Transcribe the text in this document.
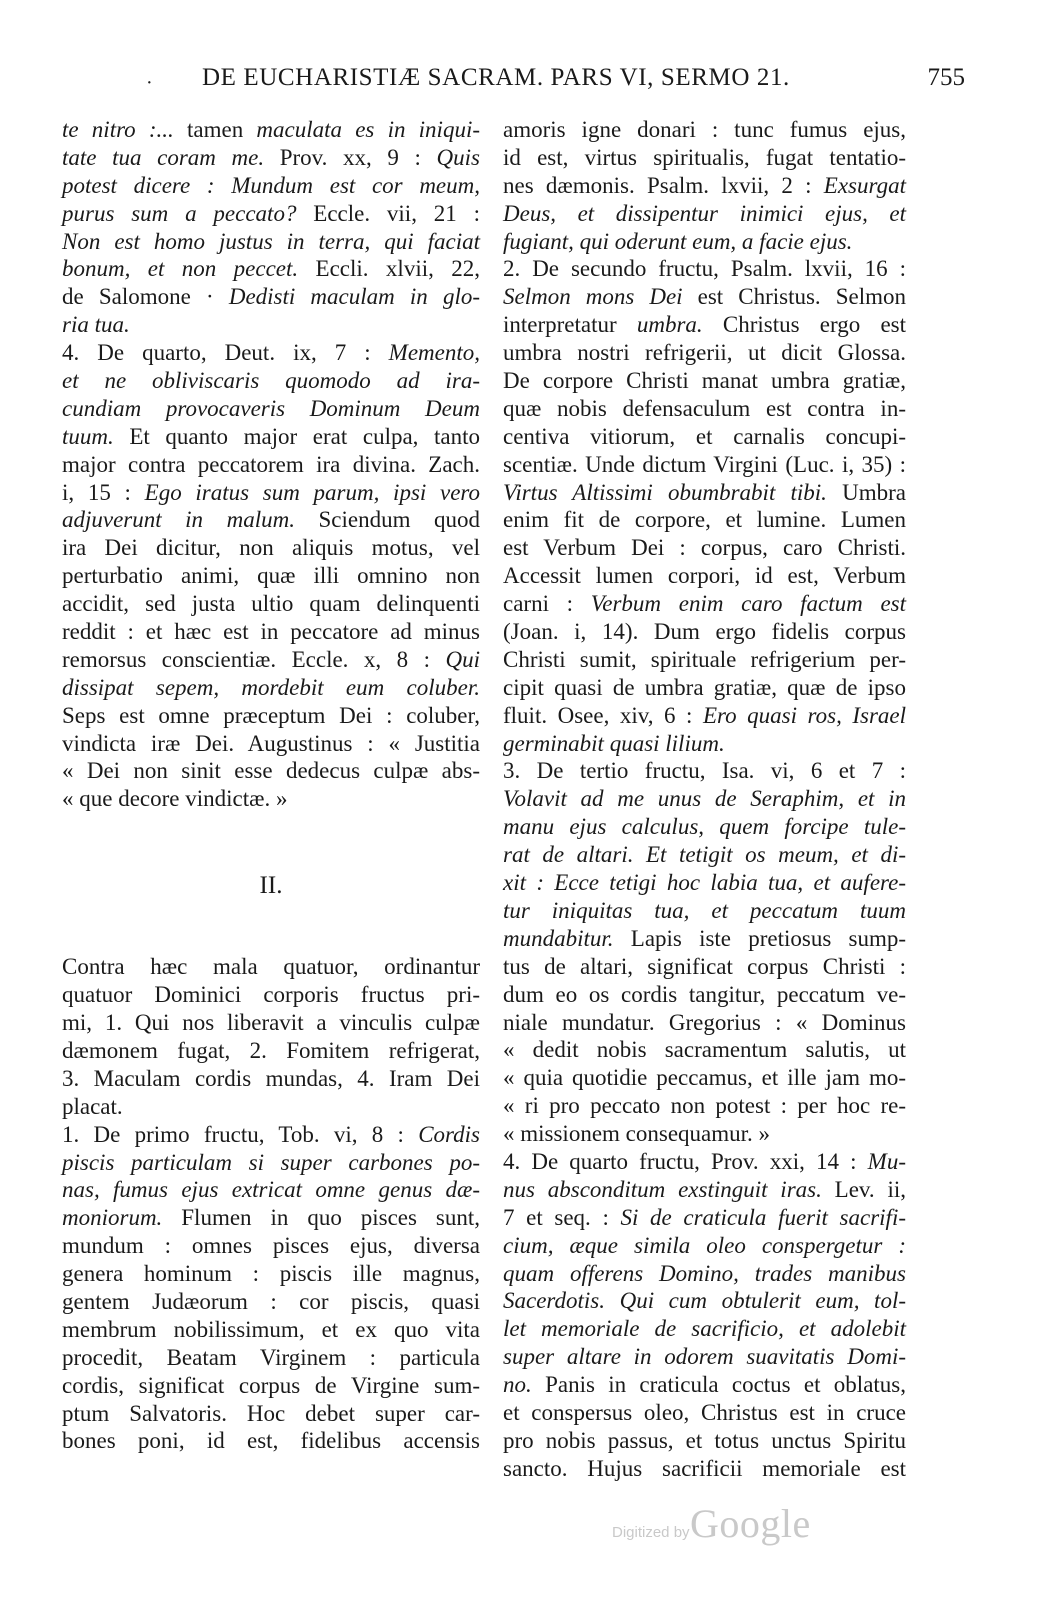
· DE EUCHARISTIÆ SACRAM. PARS VI, SERMO 21.	755
te nitro :... tamen maculata es in iniqui-
tate tua coram me. Prov. xx, 9 : Quis
potest dicere : Mundum est cor meum,
purus sum a peccato? Eccle. vii, 21 :
Non est homo justus in terra, qui faciat
bonum, et non peccet. Eccli. xlvii, 22,
de Salomone · Dedisti maculam in glo-
ria tua.
4. De quarto, Deut. ix, 7 : Memento,
et ne obliviscaris quomodo ad ira-
cundiam provocaveris Dominum Deum
tuum. Et quanto major erat culpa, tanto
major contra peccatorem ira divina. Zach.
i, 15 : Ego iratus sum parum, ipsi vero
adjuverunt in malum. Sciendum quod
ira Dei dicitur, non aliquis motus, vel
perturbatio animi, quæ illi omnino non
accidit, sed justa ultio quam delinquenti
reddit : et hæc est in peccatore ad minus
remorsus conscientiæ. Eccle. x, 8 : Qui
dissipat sepem, mordebit eum coluber.
Seps est omne præceptum Dei : coluber,
vindicta iræ Dei. Augustinus : « Justitia
« Dei non sinit esse dedecus culpæ abs-
« que decore vindictæ. »
II.
Contra hæc mala quatuor, ordinantur
quatuor Dominici corporis fructus pri-
mi, 1. Qui nos liberavit a vinculis culpæ
dæmonem fugat, 2. Fomitem refrigerat,
3. Maculam cordis mundas, 4. Iram Dei
placat.
1. De primo fructu, Tob. vi, 8 : Cordis
piscis particulam si super carbones po-
nas, fumus ejus extricat omne genus dæ-
moniorum. Flumen in quo pisces sunt,
mundum : omnes pisces ejus, diversa
genera hominum : piscis ille magnus,
gentem Judæorum : cor piscis, quasi
membrum nobilissimum, et ex quo vita
procedit, Beatam Virginem : particula
cordis, significat corpus de Virgine sum-
ptum Salvatoris. Hoc debet super car-
bones poni, id est, fidelibus accensis
amoris igne donari : tunc fumus ejus,
id est, virtus spiritualis, fugat tentatio-
nes dæmonis. Psalm. lxvii, 2 : Exsurgat
Deus, et dissipentur inimici ejus, et
fugiant, qui oderunt eum, a facie ejus.
2. De secundo fructu, Psalm. lxvii, 16 :
Selmon mons Dei est Christus. Selmon
interpretatur umbra. Christus ergo est
umbra nostri refrigerii, ut dicit Glossa.
De corpore Christi manat umbra gratiæ,
quæ nobis defensaculum est contra in-
centiva vitiorum, et carnalis concupi-
scentiæ. Unde dictum Virgini (Luc. i, 35) :
Virtus Altissimi obumbrabit tibi. Umbra
enim fit de corpore, et lumine. Lumen
est Verbum Dei : corpus, caro Christi.
Accessit lumen corpori, id est, Verbum
carni : Verbum enim caro factum est
(Joan. i, 14). Dum ergo fidelis corpus
Christi sumit, spirituale refrigerium per-
cipit quasi de umbra gratiæ, quæ de ipso
fluit. Osee, xiv, 6 : Ero quasi ros, Israel
germinabit quasi lilium.
3. De tertio fructu, Isa. vi, 6 et 7 :
Volavit ad me unus de Seraphim, et in
manu ejus calculus, quem forcipe tule-
rat de altari. Et tetigit os meum, et di-
xit : Ecce tetigi hoc labia tua, et aufere-
tur iniquitas tua, et peccatum tuum
mundabitur. Lapis iste pretiosus sump-
tus de altari, significat corpus Christi :
dum eo os cordis tangitur, peccatum ve-
niale mundatur. Gregorius : « Dominus
« dedit nobis sacramentum salutis, ut
« quia quotidie peccamus, et ille jam mo-
« ri pro peccato non potest : per hoc re-
« missionem consequamur. »
4. De quarto fructu, Prov. xxi, 14 : Mu-
nus absconditum exstinguit iras. Lev. ii,
7 et seq. : Si de craticula fuerit sacrifi-
cium, æque simila oleo conspergetur :
quam offerens Domino, trades manibus
Sacerdotis. Qui cum obtulerit eum, tol-
let memoriale de sacrificio, et adolebit
super altare in odorem suavitatis Domi-
no. Panis in craticula coctus et oblatus,
et conspersus oleo, Christus est in cruce
pro nobis passus, et totus unctus Spiritu
sancto. Hujus sacrificii memoriale est
Digitized by Google
